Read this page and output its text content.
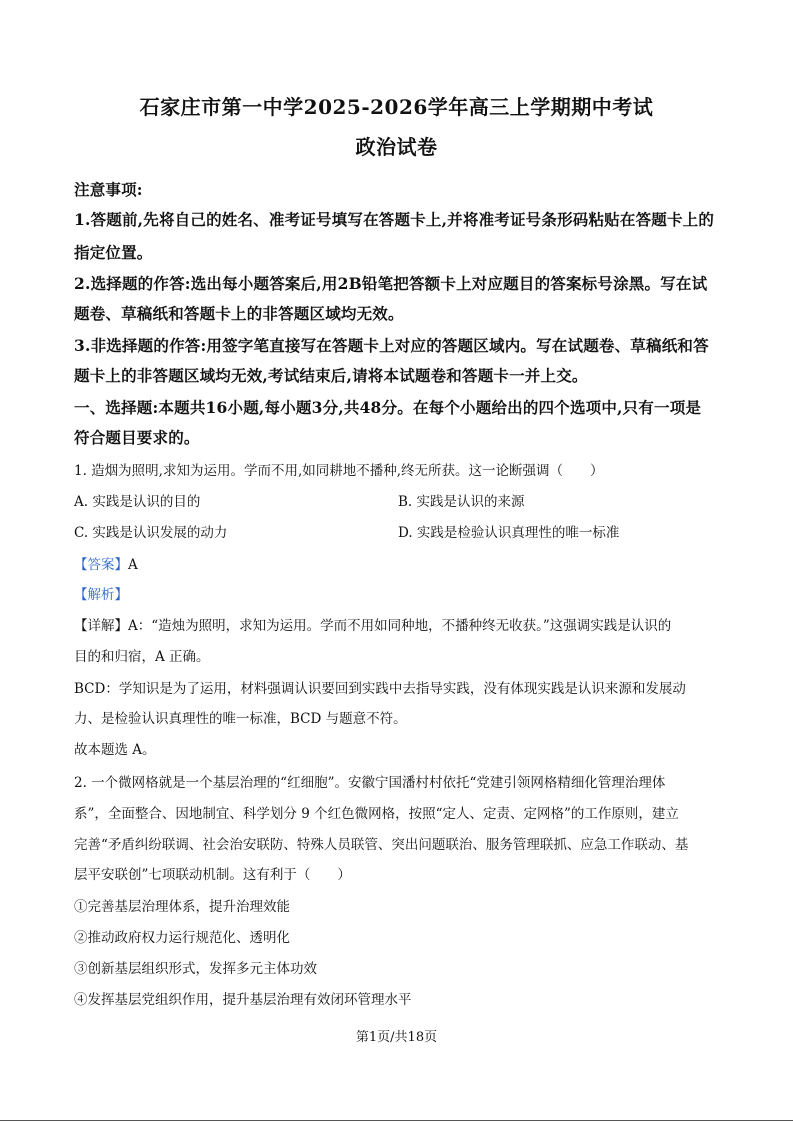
石家庄市第一中学2025-2026学年高三上学期期中考试
政治试卷
注意事项:
1.答题前,先将自己的姓名、准考证号填写在答题卡上,并将准考证号条形码粘贴在答题卡上的
指定位置。
2.选择题的作答:选出每小题答案后,用2B铅笔把答额卡上对应题目的答案标号涂黑。写在试
题卷、草稿纸和答题卡上的非答题区域均无效。
3.非选择题的作答:用签字笔直接写在答题卡上对应的答题区域内。写在试题卷、草稿纸和答
题卡上的非答题区域均无效,考试结束后,请将本试题卷和答题卡一并上交。
一、选择题:本题共16小题,每小题3分,共48分。在每个小题给出的四个选项中,只有一项是
符合题目要求的。
1. 造烟为照明,求知为运用。学而不用,如同耕地不播种,终无所获。这一论断强调（　　）
A. 实践是认识的目的	B. 实践是认识的来源
C. 实践是认识发展的动力	D. 实践是检验认识真理性的唯一标准
【答案】A
【解析】
【详解】A：“造烛为照明，求知为运用。学而不用如同种地，不播种终无收获。”这强调实践是认识的
目的和归宿，A 正确。
BCD：学知识是为了运用，材料强调认识要回到实践中去指导实践，没有体现实践是认识来源和发展动
力、是检验认识真理性的唯一标准，BCD 与题意不符。
故本题选 A。
2. 一个微网格就是一个基层治理的“红细胞”。安徽宁国潘村村依托“党建引领网格精细化管理治理体
系”，全面整合、因地制宜、科学划分 9 个红色微网格，按照“定人、定责、定网格”的工作原则，建立
完善“矛盾纠纷联调、社会治安联防、特殊人员联管、突出问题联治、服务管理联抓、应急工作联动、基
层平安联创”七项联动机制。这有利于（　　）
①完善基层治理体系，提升治理效能
②推动政府权力运行规范化、透明化
③创新基层组织形式，发挥多元主体功效
④发挥基层党组织作用，提升基层治理有效闭环管理水平
第1页/共18页
